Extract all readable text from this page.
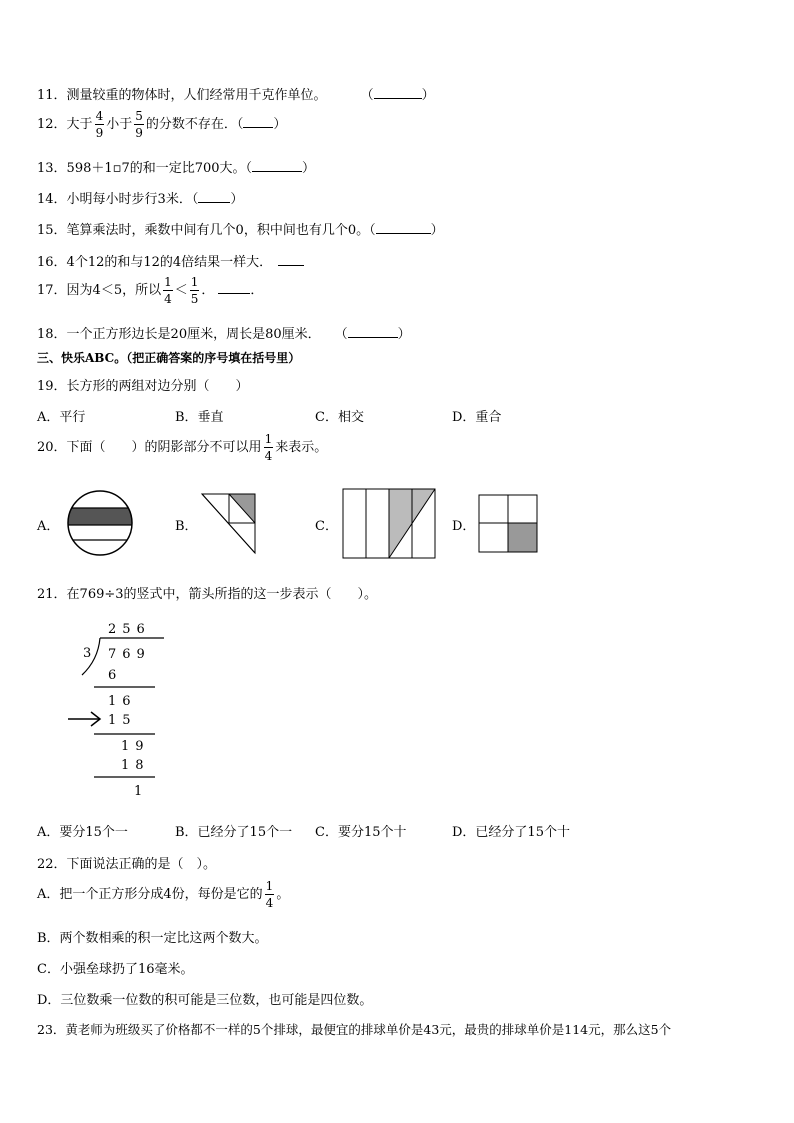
11．测量较重的物体时，人们经常用千克作单位。	（	）
12．大于 $\frac{4}{9}$ 小于 $\frac{5}{9}$ 的分数不存在．（ ）
13．598＋1▫7的和一定比700大。（	）
14．小明每小时步行3米．（ ）
15．笔算乘法时，乘数中间有几个0，积中间也有几个0。（	）
16．4个12的和与12的4倍结果一样大．
17．因为4＜5，所以 $\frac{1}{4} < \frac{1}{5}$ ．	．
18．一个正方形边长是20厘米，周长是80厘米． （	）
三、快乐ABC。（把正确答案的序号填在括号里）
19．长方形的两组对边分别（　　）
A．平行	B．垂直	C．相交	D．重合
20．下面（　　）的阴影部分不可以用 $\frac{1}{4}$ 来表示。
A．	B．	C．	D．
21．在769÷3的竖式中，箭头所指的这一步表示（　　）。
256
3 769
6
16
15
19
18
1
A．要分15个一	B．已经分了15个一 C．要分15个十	D．已经分了15个十
22．下面说法正确的是（　）。
A．把一个正方形分成4份，每份是它的 $\frac{1}{4}$ 。
B．两个数相乘的积一定比这两个数大。
C．小强垒球扔了16毫米。
D．三位数乘一位数的积可能是三位数，也可能是四位数。
23．黄老师为班级买了价格都不一样的5个排球，最便宜的排球单价是43元，最贵的排球单价是114元，那么这5个
